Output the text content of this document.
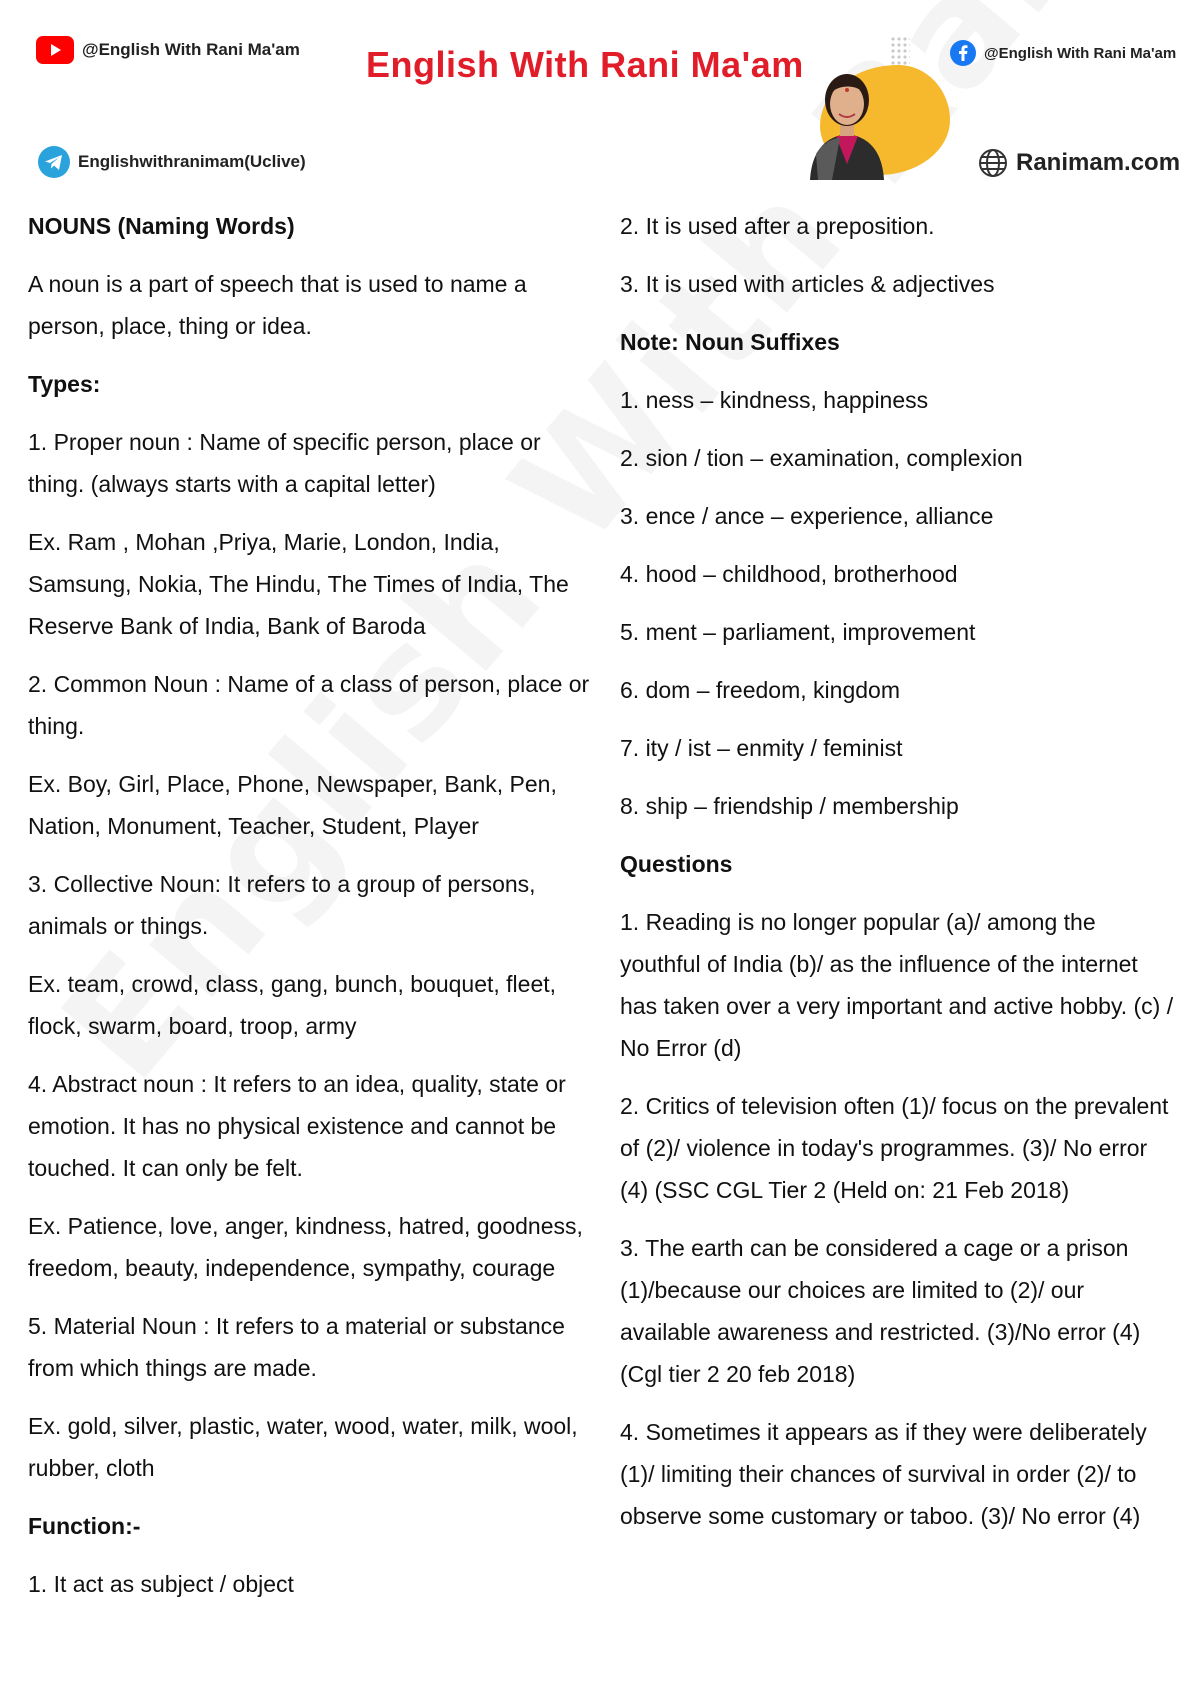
@English With Rani Ma'am English With Rani Ma'am	@English With Rani Ma'am
Englishwithranimam(Uclive)	Ranimam.com

NOUNS (Naming Words)

A noun is a part of speech that is used to name a person, place, thing or idea.

Types:

1. Proper noun : Name of specific person, place or thing. (always starts with a capital letter)

Ex. Ram , Mohan ,Priya, Marie, London, India, Samsung, Nokia, The Hindu, The Times of India, The Reserve Bank of India, Bank of Baroda

2. Common Noun : Name of a class of person, place or thing.

Ex. Boy, Girl, Place, Phone, Newspaper, Bank, Pen, Nation, Monument, Teacher, Student, Player

3. Collective Noun: It refers to a group of persons, animals or things.

Ex. team, crowd, class, gang, bunch, bouquet, fleet, flock, swarm, board, troop, army

4. Abstract noun : It refers to an idea, quality, state or emotion. It has no physical existence and cannot be touched. It can only be felt.

Ex. Patience, love, anger, kindness, hatred, goodness, freedom, beauty, independence, sympathy, courage

5. Material Noun : It refers to a material or substance from which things are made.

Ex. gold, silver, plastic, water, wood, water, milk, wool, rubber, cloth

Function:-

1. It act as subject / object

2. It is used after a preposition.

3. It is used with articles & adjectives

Note: Noun Suffixes

1. ness – kindness, happiness

2. sion / tion – examination, complexion

3. ence / ance – experience, alliance

4. hood – childhood, brotherhood

5. ment – parliament, improvement

6. dom – freedom, kingdom

7. ity / ist – enmity / feminist

8. ship – friendship / membership

Questions

1. Reading is no longer popular (a)/ among the youthful of India (b)/ as the influence of the internet has taken over a very important and active hobby. (c) / No Error (d)

2. Critics of television often (1)/ focus on the prevalent of (2)/ violence in today's programmes. (3)/ No error (4) (SSC CGL Tier 2 (Held on: 21 Feb 2018)

3. The earth can be considered a cage or a prison (1)/because our choices are limited to (2)/ our available awareness and restricted. (3)/No error (4) (Cgl tier 2 20 feb 2018)

4. Sometimes it appears as if they were deliberately (1)/ limiting their chances of survival in order (2)/ to observe some customary or taboo. (3)/ No error (4)
